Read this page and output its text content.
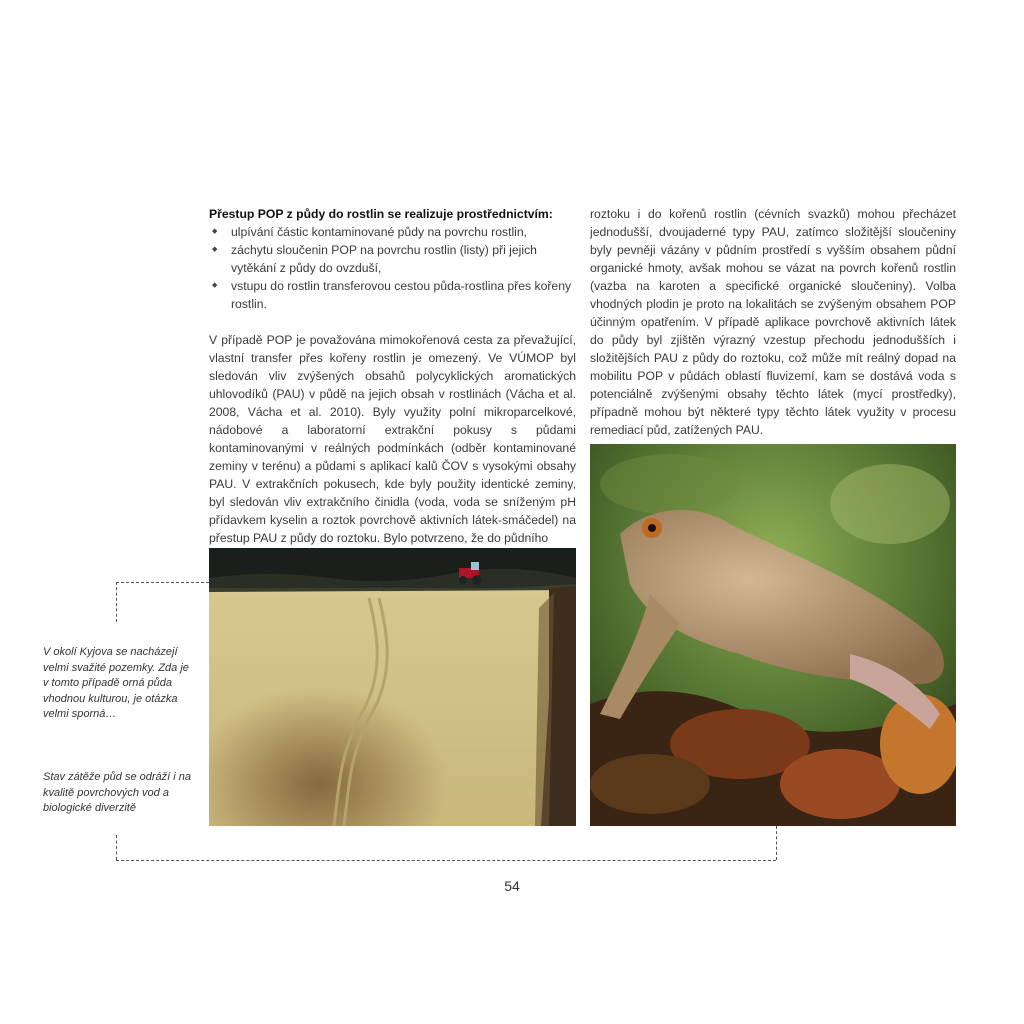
Přestup POP z půdy do rostlin se realizuje prostřednictvím:
◆ ulpívání částic kontaminované půdy na povrchu rostlin,
◆ záchytu sloučenin POP na povrchu rostlin (listy) při jejich vytěkání z půdy do ovzduší,
◆ vstupu do rostlin transferovou cestou půda-rostlina přes kořeny rostlin.

V případě POP je považována mimokořenová cesta za převažující, vlastní transfer přes kořeny rostlin je omezený. Ve VÚMOP byl sledován vliv zvýšených obsahů polycyklických aromatických uhlovodíků (PAU) v půdě na jejich obsah v rostlinách (Vácha et al. 2008, Vácha et al. 2010). Byly využity polní mikroparcelkové, nádobové a laboratorní extrakční pokusy s půdami kontaminovanými v reálných podmínkách (odběr kontaminované zeminy v terénu) a půdami s aplikací kalů ČOV s vysokými obsahy PAU. V extrakčních pokusech, kde byly použity identické zeminy, byl sledován vliv extrakčního činidla (voda, voda se sníženým pH přídavkem kyselin a roztok povrchově aktivních látek-smáčedel) na přestup PAU z půdy do roztoku. Bylo potvrzeno, že do půdního

roztoku i do kořenů rostlin (cévních svazků) mohou přecházet jednodušší, dvoujaderné typy PAU, zatímco složitější sloučeniny byly pevněji vázány v půdním prostředí s vyšším obsahem půdní organické hmoty, avšak mohou se vázat na povrch kořenů rostlin (vazba na karoten a specifické organické sloučeniny). Volba vhodných plodin je proto na lokalitách se zvýšeným obsahem POP účinným opatřením. V případě aplikace povrchově aktivních látek do půdy byl zjištěn výrazný vzestup přechodu jednodušších i složitějších PAU z půdy do roztoku, což může mít reálný dopad na mobilitu POP v půdách oblastí fluvizemí, kam se dostává voda s potenciálně zvýšenými obsahy těchto látek (mycí prostředky), případně mohou být některé typy těchto látek využity v procesu remediací půd, zatížených PAU.

V okolí Kyjova se nacházejí velmi svažité pozemky. Zda je v tomto případě orná půda vhodnou kulturou, je otázka velmi sporná…
Stav zátěže půd se odráží i na kvalitě povrchových vod a biologické diverzitě
54
